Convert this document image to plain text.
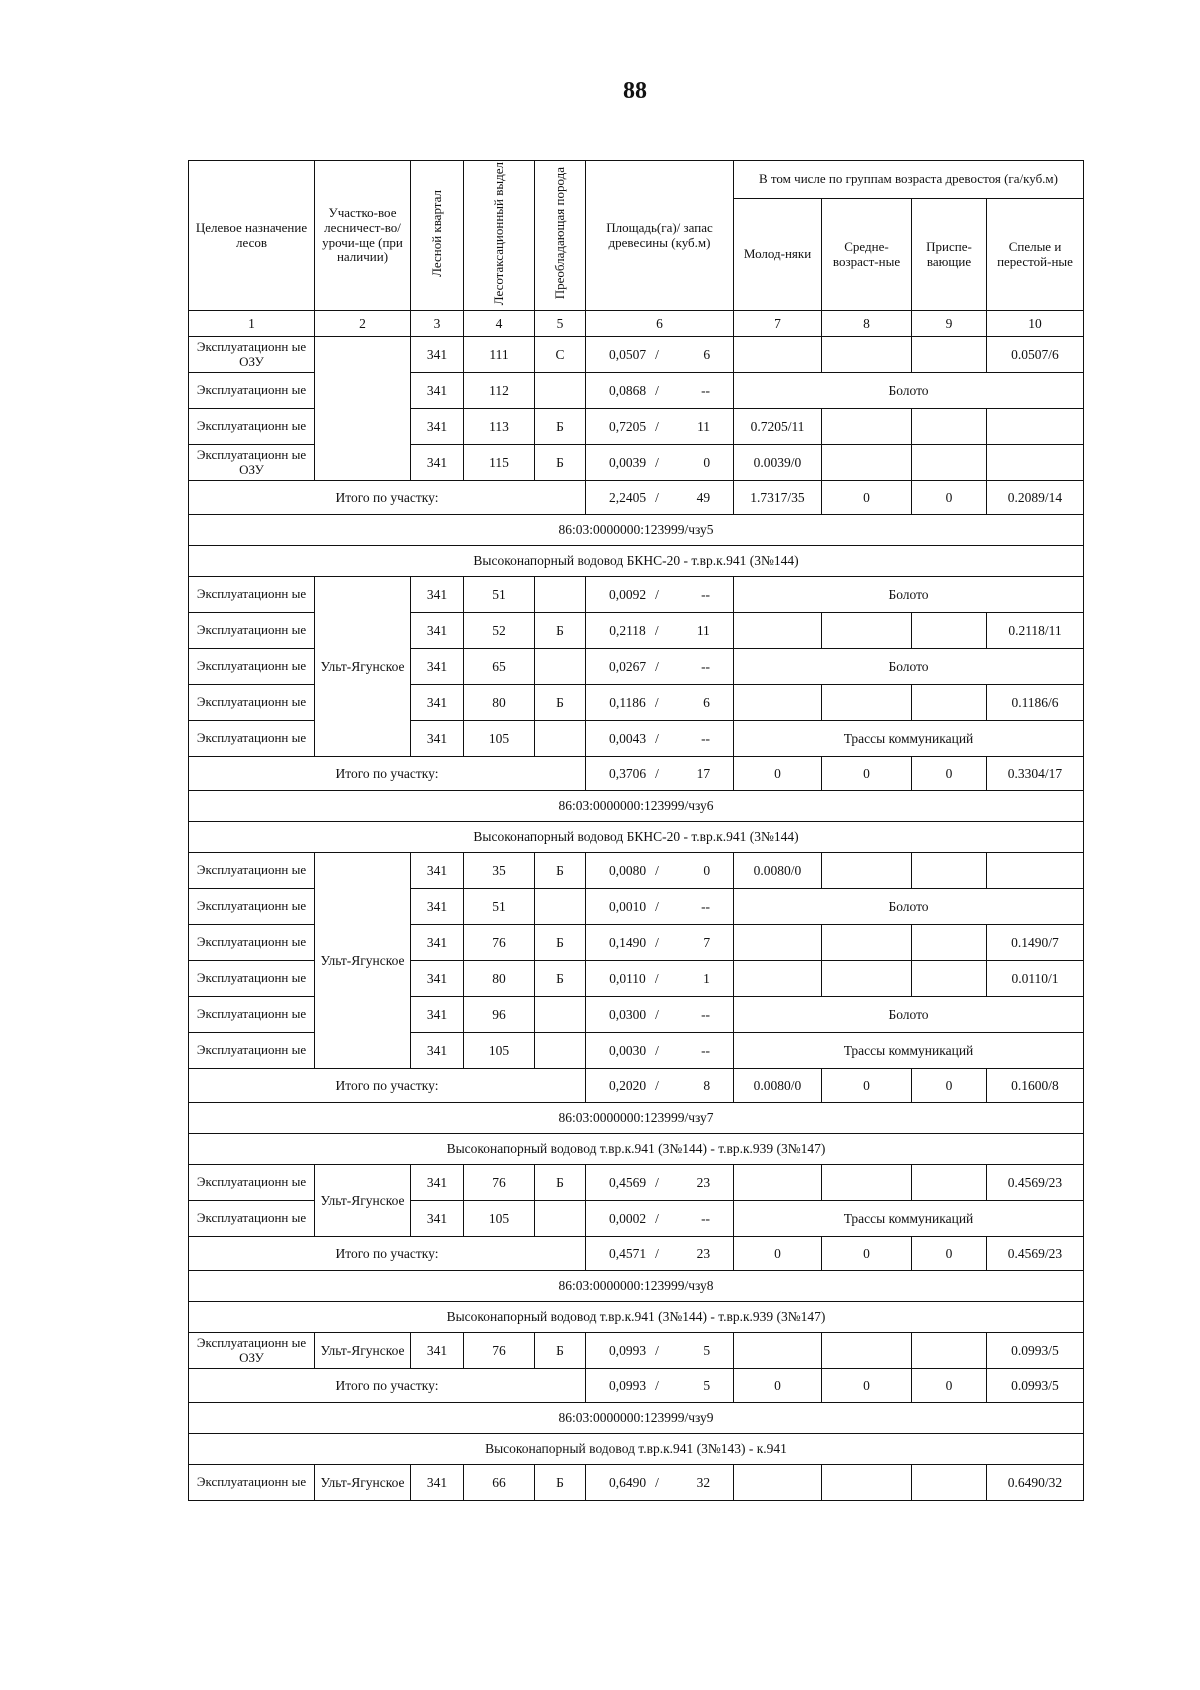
88
Целевое назначение лесов	Участко-вое лесничест-во/урочи-ще (при наличии)	Лесной квартал	Лесотаксационный выдел	Преобладающая порода	Площадь(га)/ запас древесины (куб.м)	В том числе по группам возраста древостоя (га/куб.м)			
						Молод-няки	Средне-возраст-ные	Приспе-вающие	Спелые и перестой-ные
1	2	3	4	5	6	7	8	9	10
Эксплуатационн ые ОЗУ		341	111	С	0,0507 / 6				0.0507/6
Эксплуатационн ые		341	112		0,0868 / --	Болото			
Эксплуатационн ые		341	113	Б	0,7205 / 11	0.7205/11			
Эксплуатационн ые ОЗУ		341	115	Б	0,0039 / 0	0.0039/0			
Итого по участку:					2,2405 / 49	1.7317/35	0	0	0.2089/14
86:03:0000000:123999/чзу5									
Высоконапорный водовод БКНС-20 - т.вр.к.941 (3№144)									
Эксплуатационн ые	Ульт-Ягунское	341	51		0,0092 / --	Болото			
Эксплуатационн ые		341	52	Б	0,2118 / 11				0.2118/11
Эксплуатационн ые		341	65		0,0267 / --	Болото			
Эксплуатационн ые		341	80	Б	0,1186 / 6				0.1186/6
Эксплуатационн ые		341	105		0,0043 / --	Трассы коммуникаций			
Итого по участку:					0,3706 / 17	0	0	0	0.3304/17
86:03:0000000:123999/чзу6									
Высоконапорный водовод БКНС-20 - т.вр.к.941 (3№144)									
Эксплуатационн ые	Ульт-Ягунское	341	35	Б	0,0080 / 0	0.0080/0			
Эксплуатационн ые		341	51		0,0010 / --	Болото			
Эксплуатационн ые		341	76	Б	0,1490 / 7				0.1490/7
Эксплуатационн ые		341	80	Б	0,0110 / 1				0.0110/1
Эксплуатационн ые		341	96		0,0300 / --	Болото			
Эксплуатационн ые		341	105		0,0030 / --	Трассы коммуникаций			
Итого по участку:					0,2020 / 8	0.0080/0	0	0	0.1600/8
86:03:0000000:123999/чзу7									
Высоконапорный водовод т.вр.к.941 (3№144) - т.вр.к.939 (3№147)									
Эксплуатационн ые	Ульт-Ягунское	341	76	Б	0,4569 / 23				0.4569/23
Эксплуатационн ые		341	105		0,0002 / --	Трассы коммуникаций			
Итого по участку:					0,4571 / 23	0	0	0	0.4569/23
86:03:0000000:123999/чзу8									
Высоконапорный водовод т.вр.к.941 (3№144) - т.вр.к.939 (3№147)									
Эксплуатационн ые ОЗУ	Ульт-Ягунское	341	76	Б	0,0993 / 5				0.0993/5
Итого по участку:					0,0993 / 5	0	0	0	0.0993/5
86:03:0000000:123999/чзу9									
Высоконапорный водовод т.вр.к.941 (3№143) - к.941									
Эксплуатационн ые	Ульт-Ягунское	341	66	Б	0,6490 / 32				0.6490/32
